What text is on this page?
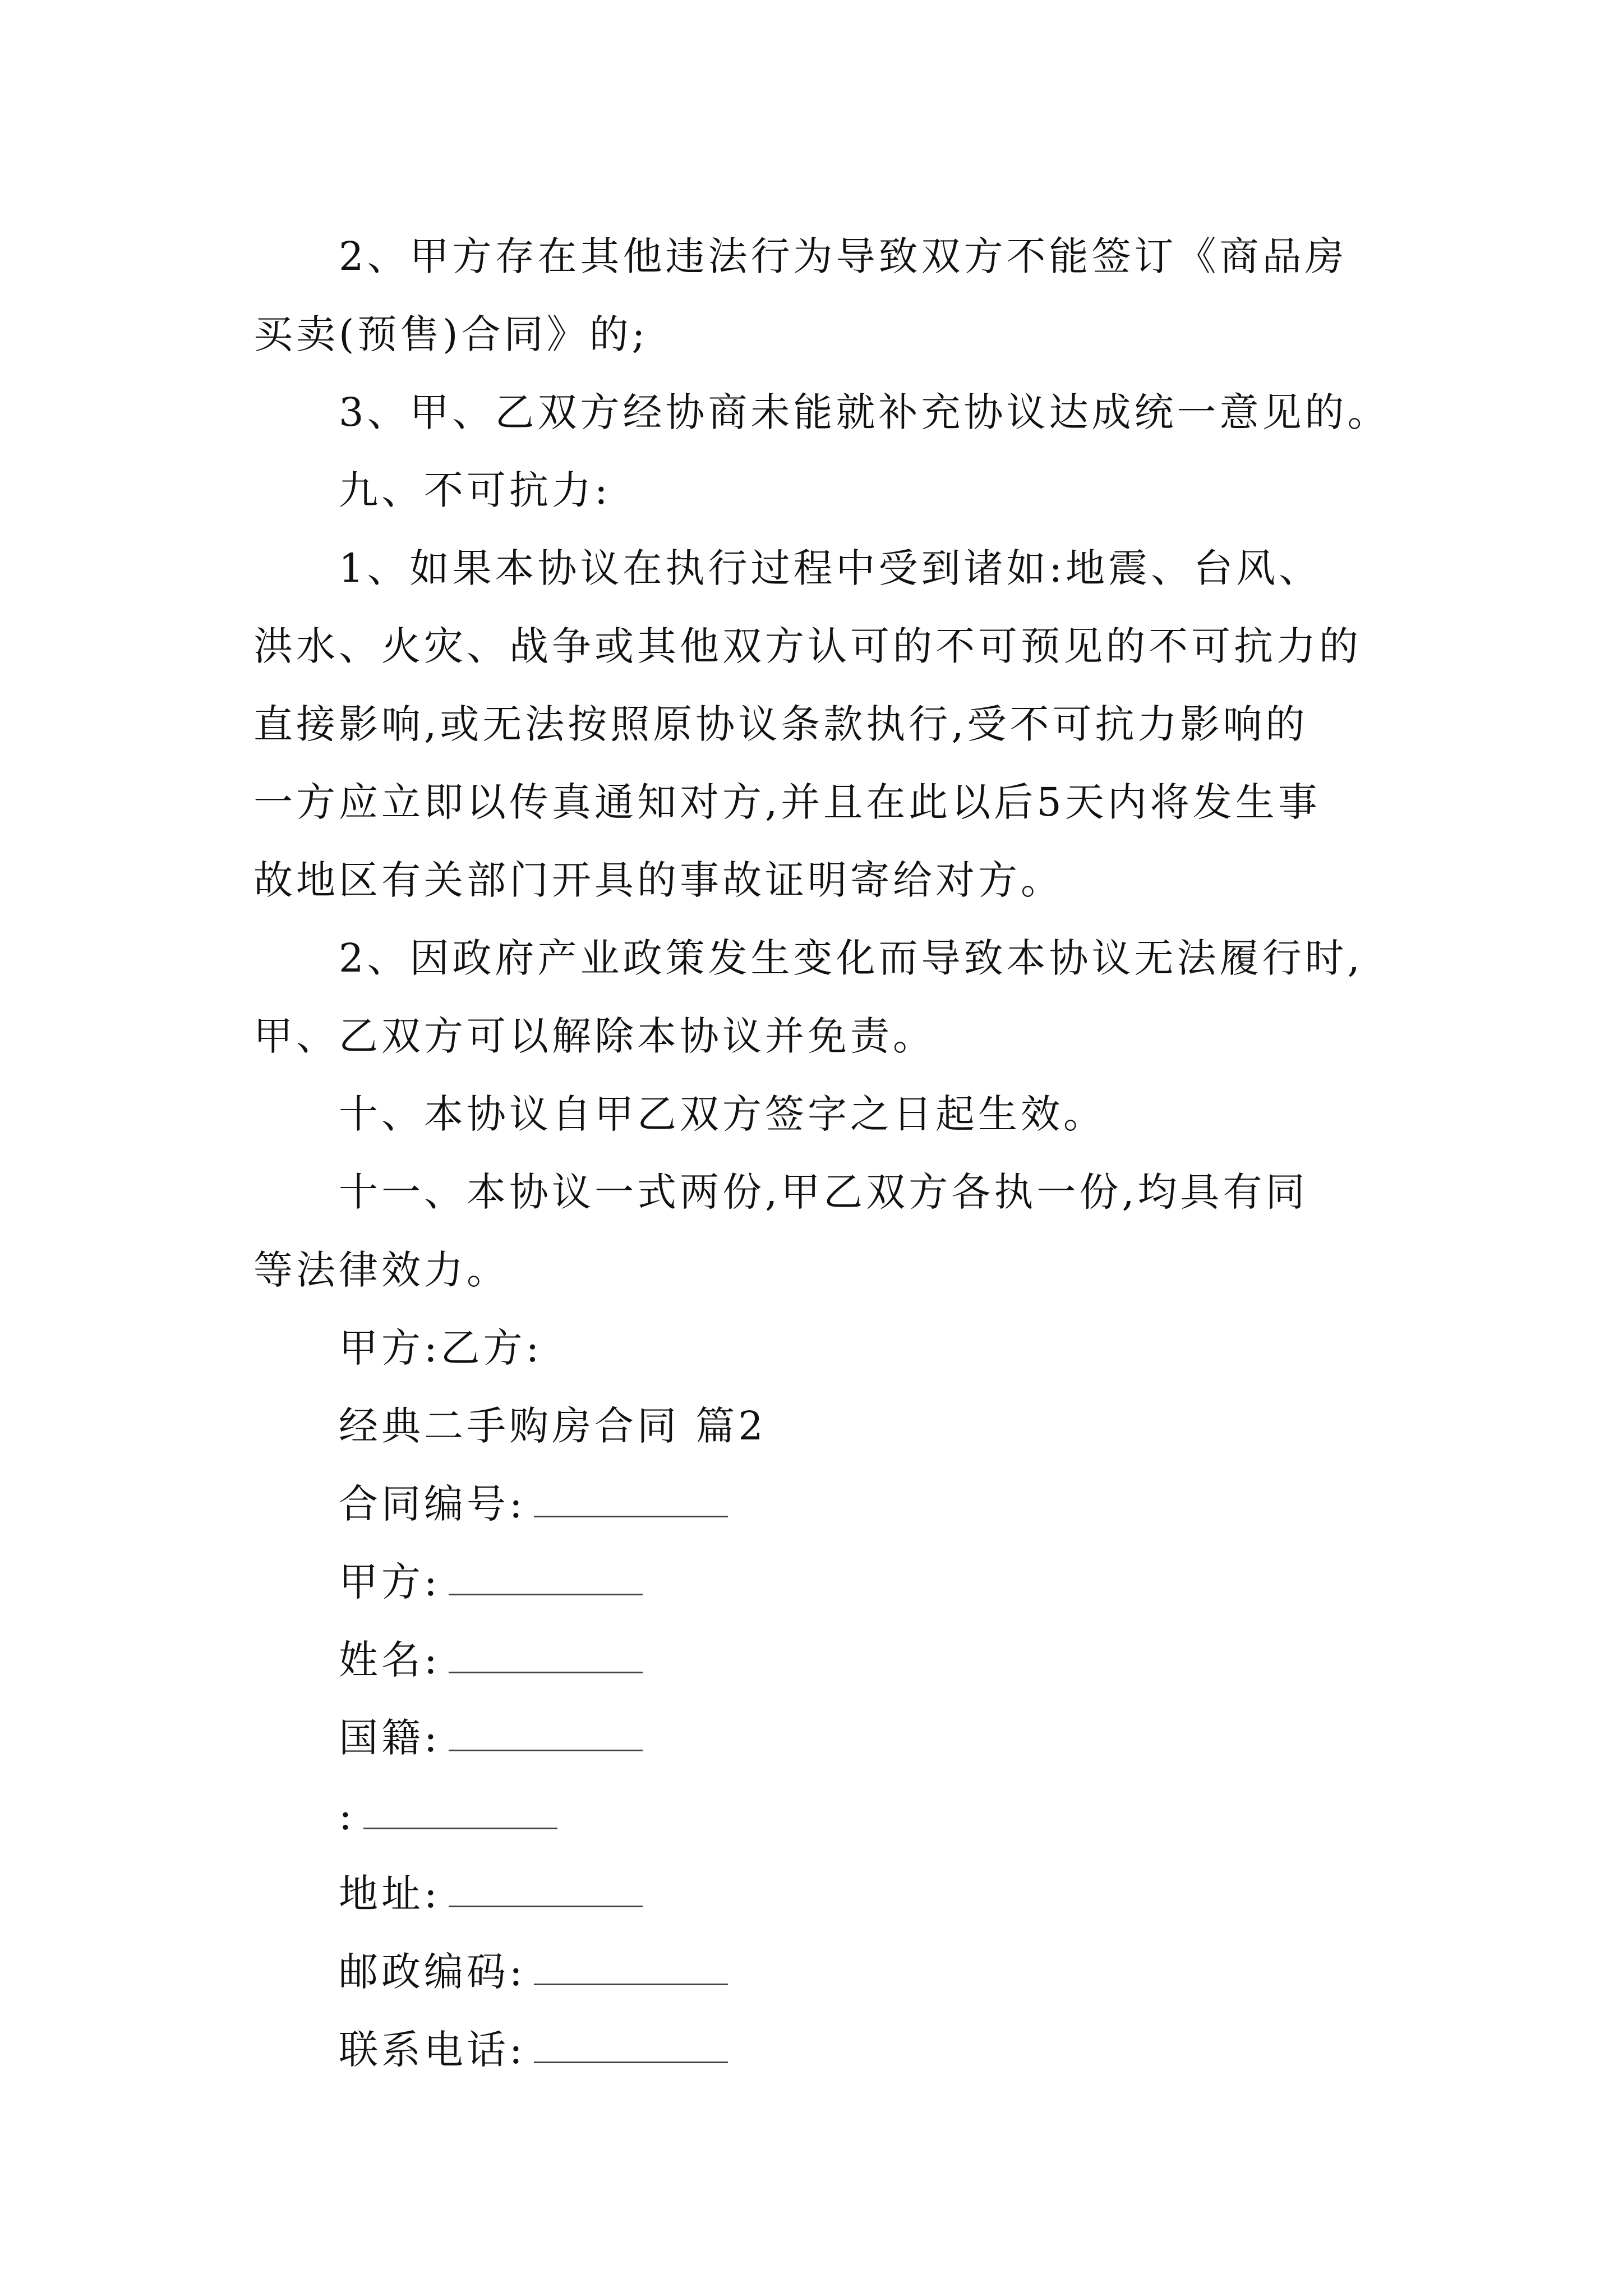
2、甲方存在其他违法行为导致双方不能签订《商品房
买卖(预售)合同》的;
3、甲、乙双方经协商未能就补充协议达成统一意见的。
九、不可抗力:
1、如果本协议在执行过程中受到诸如:地震、台风、
洪水、火灾、战争或其他双方认可的不可预见的不可抗力的
直接影响,或无法按照原协议条款执行,受不可抗力影响的
一方应立即以传真通知对方,并且在此以后5天内将发生事
故地区有关部门开具的事故证明寄给对方。
2、因政府产业政策发生变化而导致本协议无法履行时,
甲、乙双方可以解除本协议并免责。
十、本协议自甲乙双方签字之日起生效。
十一、本协议一式两份,甲乙双方各执一份,均具有同
等法律效力。
甲方:乙方:
经典二手购房合同 篇2
合同编号:
甲方:
姓名:
国籍:
:
地址:
邮政编码:
联系电话:
